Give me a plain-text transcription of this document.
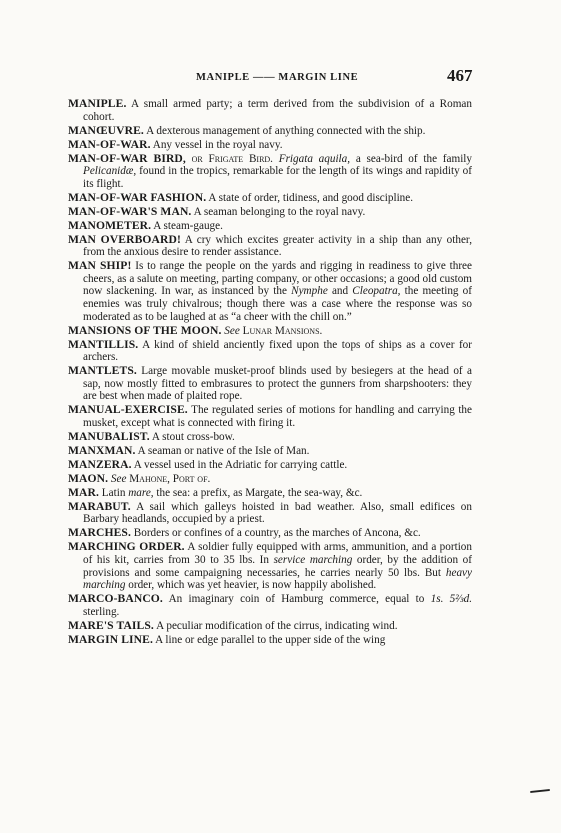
MANIPLE —— MARGIN LINE	467

MANIPLE. A small armed party; a term derived from the subdivision of a Roman cohort.

MANŒUVRE. A dexterous management of anything connected with the ship.

MAN-OF-WAR. Any vessel in the royal navy.

MAN-OF-WAR BIRD, or Frigate Bird. Frigata aquila, a sea-bird of the family Pelicanidæ, found in the tropics, remarkable for the length of its wings and rapidity of its flight.

MAN-OF-WAR FASHION. A state of order, tidiness, and good discipline.

MAN-OF-WAR'S MAN. A seaman belonging to the royal navy.

MANOMETER. A steam-gauge.

MAN OVERBOARD! A cry which excites greater activity in a ship than any other, from the anxious desire to render assistance.

MAN SHIP! Is to range the people on the yards and rigging in readiness to give three cheers, as a salute on meeting, parting company, or other occasions; a good old custom now slackening. In war, as instanced by the Nymphe and Cleopatra, the meeting of enemies was truly chivalrous; though there was a case where the response was so moderated as to be laughed at as “a cheer with the chill on.”

MANSIONS OF THE MOON. See Lunar Mansions.

MANTILLIS. A kind of shield anciently fixed upon the tops of ships as a cover for archers.

MANTLETS. Large movable musket-proof blinds used by besiegers at the head of a sap, now mostly fitted to embrasures to protect the gunners from sharpshooters: they are best when made of plaited rope.

MANUAL-EXERCISE. The regulated series of motions for handling and carrying the musket, except what is connected with firing it.

MANUBALIST. A stout cross-bow.

MANXMAN. A seaman or native of the Isle of Man.

MANZERA. A vessel used in the Adriatic for carrying cattle.

MAON. See Mahone, Port of.

MAR. Latin mare, the sea: a prefix, as Margate, the sea-way, &c.

MARABUT. A sail which galleys hoisted in bad weather. Also, small edifices on Barbary headlands, occupied by a priest.

MARCHES. Borders or confines of a country, as the marches of Ancona, &c.

MARCHING ORDER. A soldier fully equipped with arms, ammunition, and a portion of his kit, carries from 30 to 35 lbs. In service marching order, by the addition of provisions and some campaigning necessaries, he carries nearly 50 lbs. But heavy marching order, which was yet heavier, is now happily abolished.

MARCO-BANCO. An imaginary coin of Hamburg commerce, equal to 1s. 5⅔d. sterling.

MARE'S TAILS. A peculiar modification of the cirrus, indicating wind.

MARGIN LINE. A line or edge parallel to the upper side of the wing
